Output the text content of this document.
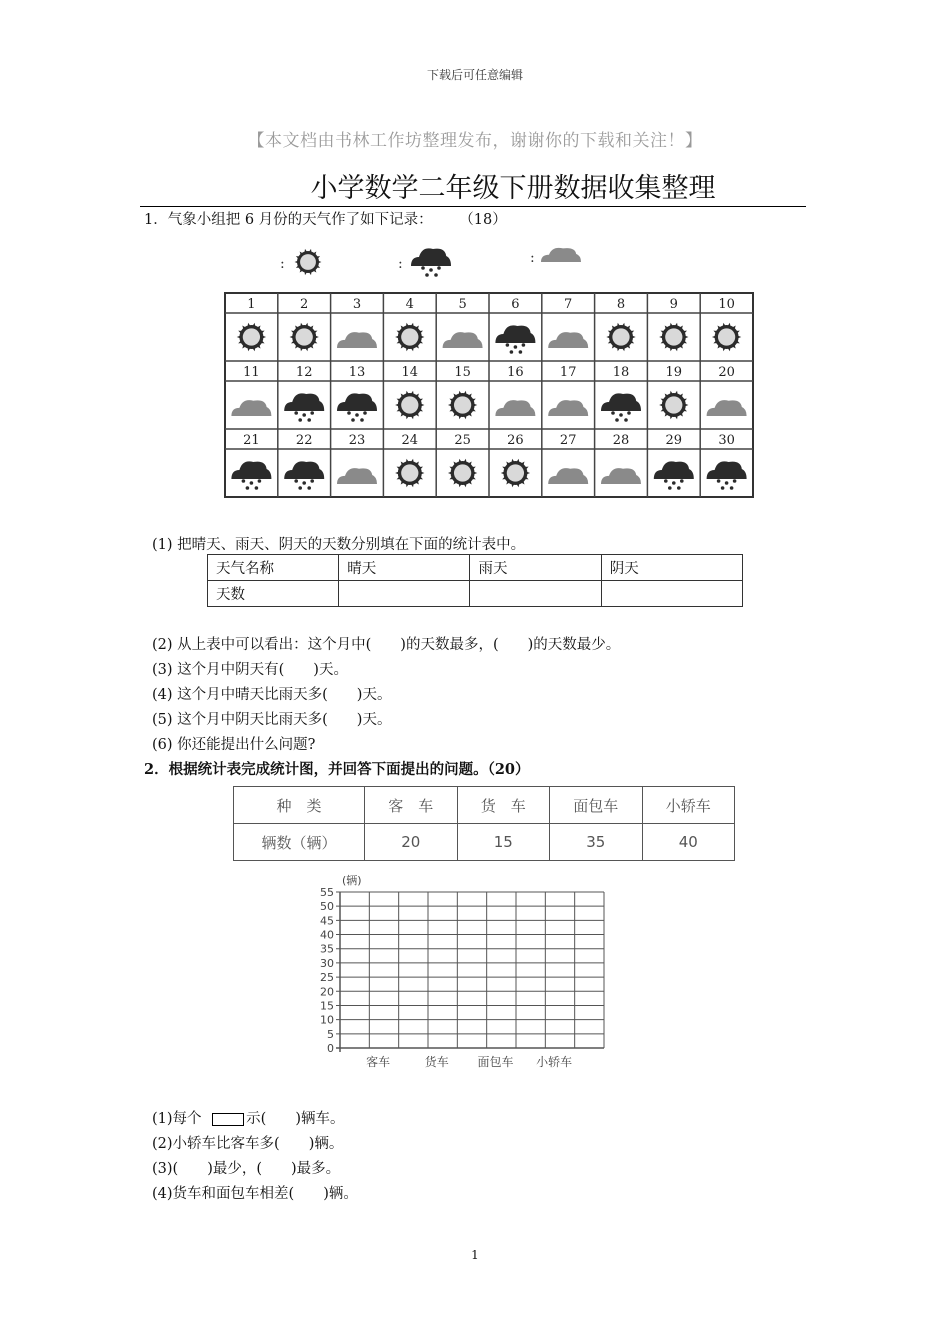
下载后可任意编辑
【本文档由书林工作坊整理发布，谢谢你的下载和关注！】
小学数学二年级下册数据收集整理
1．气象小组把 6 月份的天气作了如下记录： （18）
:	:	:
1	2	3	4	5	6	7	8	9	10
11	12	13	14	15	16	17	18	19	20
21	22	23	24	25	26	27	28	29	30
(1) 把晴天、雨天、阴天的天数分别填在下面的统计表中。
天气名称	晴天	雨天	阴天
天数			
(2) 从上表中可以看出：这个月中(　　)的天数最多，(　　)的天数最少。
(3) 这个月中阴天有(　　)天。
(4) 这个月中晴天比雨天多(　　)天。
(5) 这个月中阴天比雨天多(　　)天。
(6) 你还能提出什么问题?
2．根据统计表完成统计图，并回答下面提出的问题。（20）
种　类	客　车	货　车	面包车	小轿车
辆数（辆）	20	15	35	40
(辆)
0
5
10
15
20
25
30
35
40
45
50
55
客车	货车 面包车 小轿车
(1)每个	示(　　)辆车。
(2)小轿车比客车多(　　)辆。
(3)(　　)最少，(　　)最多。
(4)货车和面包车相差(　　)辆。
1
